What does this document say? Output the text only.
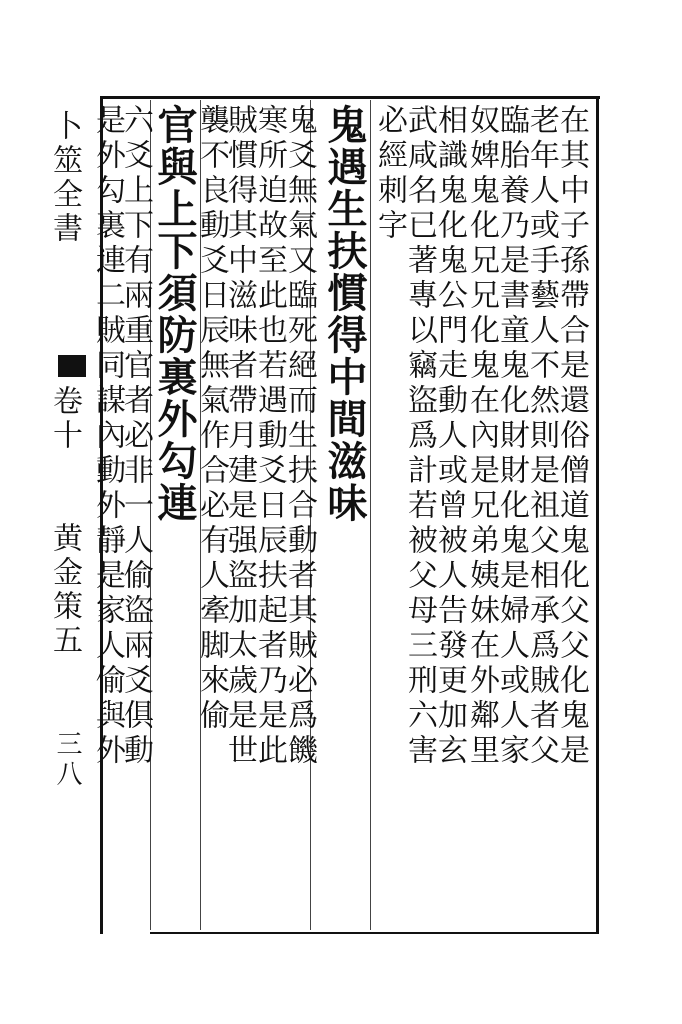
卜筮全書
卷十 黄金策五
三八	在其中子孫帶合是還俗僧道鬼化父父化鬼是
老年人或手藝人不然則是祖父相承爲賊者父
臨胎養乃是書童鬼化財財化鬼是婦人或人家
奴婢鬼化兄兄化鬼在內是兄弟姨妹在外鄰里
相識鬼化鬼公門走動人或曾被人告發更加玄
武咸名已著專以竊盜爲計若被父母三刑六害
必經刺字
鬼遇生扶慣得中間滋味
鬼爻無氣又臨死絕而生扶合動者其賊必爲饑
寒所迫故至此也若遇動爻日辰扶起者乃是此
賊慣得其中滋味者帶月建是强盜加太歲是世
襲不良動爻日辰無氣作合必有人牽脚來偷
官與上下須防裏外勾連
六爻上下有兩重官者必非一人偷盜兩爻俱動
是外勾裏連二賊同謀內動外靜是家人偷與外
